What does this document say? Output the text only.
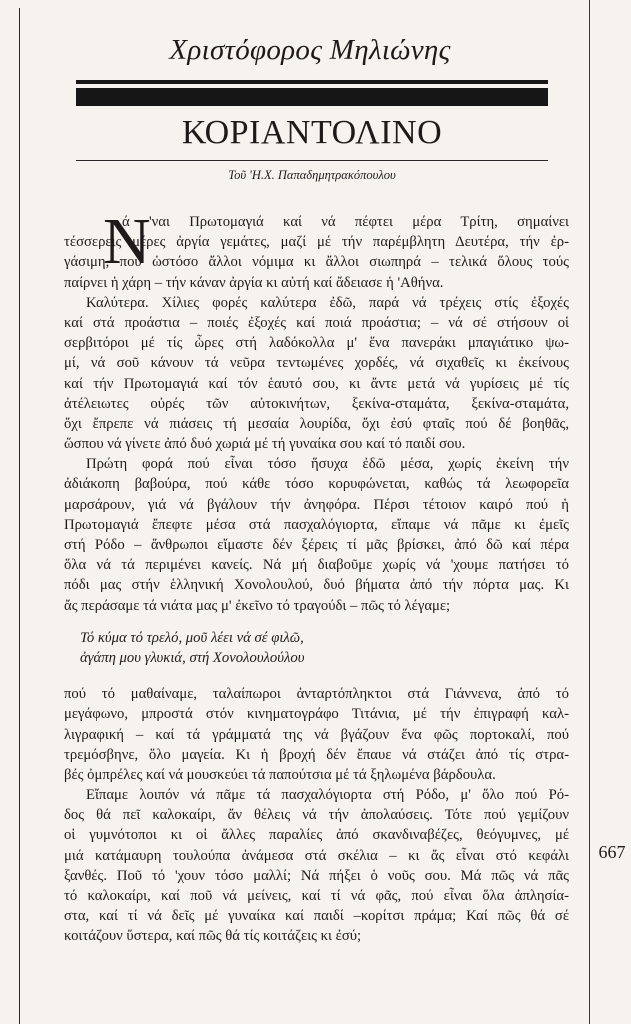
Χριστόφορος Μηλιώνης
ΚΟΡΙΑΝΤΟΛΙΝΟ
Τοῦ 'Η.Χ. Παπαδημητρακόπουλου
Ν
ά 'ναι Πρωτομαγιά καί νά πέφτει μέρα Τρίτη, σημαίνει
τέσσερεις μέρες ἀργία γεμάτες, μαζί μέ τήν παρέμβλητη Δευτέρα, τήν ἐρ-
γάσιμη, πού ὡστόσο ἄλλοι νόμιμα κι ἄλλοι σιωπηρά – τελικά ὅλους τούς
παίρνει ἡ χάρη – τήν κάναν ἀργία κι αὐτή καί ἄδειασε ἡ 'Αθήνα.
Καλύτερα. Χίλιες φορές καλύτερα ἐδῶ, παρά νά τρέχεις στίς ἐξοχές
καί στά προάστια – ποιές ἐξοχές καί ποιά προάστια; – νά σέ στήσουν οἱ
σερβιτόροι μέ τίς ὧρες στή λαδόκολλα μ' ἕνα πανεράκι μπαγιάτικο ψω-
μί, νά σοῦ κάνουν τά νεῦρα τεντωμένες χορδές, νά σιχαθεῖς κι ἐκείνους
καί τήν Πρωτομαγιά καί τόν ἑαυτό σου, κι ἄντε μετά νά γυρίσεις μέ τίς
ἀτέλειωτες οὐρές τῶν αὐτοκινήτων, ξεκίνα-σταμάτα, ξεκίνα-σταμάτα,
ὄχι ἔπρεπε νά πιάσεις τή μεσαία λουρίδα, ὄχι ἐσύ φταῖς πού δέ βοηθᾶς,
ὥσπου νά γίνετε ἀπό δυό χωριά μέ τή γυναίκα σου καί τό παιδί σου.
Πρώτη φορά πού εἶναι τόσο ἥσυχα ἐδῶ μέσα, χωρίς ἐκείνη τήν
ἀδιάκοπη βαβούρα, πού κάθε τόσο κορυφώνεται, καθώς τά λεωφορεῖα
μαρσάρουν, γιά νά βγάλουν τήν ἀνηφόρα. Πέρσι τέτοιον καιρό πού ἡ
Πρωτομαγιά ἔπεφτε μέσα στά πασχαλόγιορτα, εἴπαμε νά πᾶμε κι ἐμεῖς
στή Ρόδο – ἄνθρωποι εἴμαστε δέν ξέρεις τί μᾶς βρίσκει, ἀπό δῶ καί πέρα
ὅλα νά τά περιμένει κανείς. Νά μή διαβοῦμε χωρίς νά 'χουμε πατήσει τό
πόδι μας στήν ἑλληνική Χονολουλού, δυό βήματα ἀπό τήν πόρτα μας. Κι
ἄς περάσαμε τά νιάτα μας μ' ἐκεῖνο τό τραγούδι – πῶς τό λέγαμε;
Τό κύμα τό τρελό, μοῦ λέει νά σέ φιλῶ,
ἀγάπη μου γλυκιά, στή Χονολουλούλου
πού τό μαθαίναμε, ταλαίπωροι ἀνταρτόπληκτοι στά Γιάννενα, ἀπό τό
μεγάφωνο, μπροστά στόν κινηματογράφο Τιτάνια, μέ τήν ἐπιγραφή καλ-
λιγραφική – καί τά γράμματά της νά βγάζουν ἕνα φῶς πορτοκαλί, πού
τρεμόσβηνε, ὅλο μαγεία. Κι ἡ βροχή δέν ἔπαυε νά στάζει ἀπό τίς στρα-
βές ὀμπρέλες καί νά μουσκεύει τά παπούτσια μέ τά ξηλωμένα βάρδουλα.
Εἴπαμε λοιπόν νά πᾶμε τά πασχαλόγιορτα στή Ρόδο, μ' ὅλο πού Ρό-
δος θά πεῖ καλοκαίρι, ἄν θέλεις νά τήν ἀπολαύσεις. Τότε πού γεμίζουν
οἱ γυμνότοποι κι οἱ ἄλλες παραλίες ἀπό σκανδιναβέζες, θεόγυμνες, μέ
μιά κατάμαυρη τουλούπα ἀνάμεσα στά σκέλια – κι ἄς εἶναι στό κεφάλι
ξανθές. Ποῦ τό 'χουν τόσο μαλλί; Νά πήξει ὁ νοῦς σου. Μά πῶς νά πᾶς
τό καλοκαίρι, καί ποῦ νά μείνεις, καί τί νά φᾶς, πού εἶναι ὅλα ἀπλησία-
στα, καί τί νά δεῖς μέ γυναίκα καί παιδί –κορίτσι πράμα; Καί πῶς θά σέ
κοιτάζουν ὕστερα, καί πῶς θά τίς κοιτάζεις κι ἐσύ;
667
